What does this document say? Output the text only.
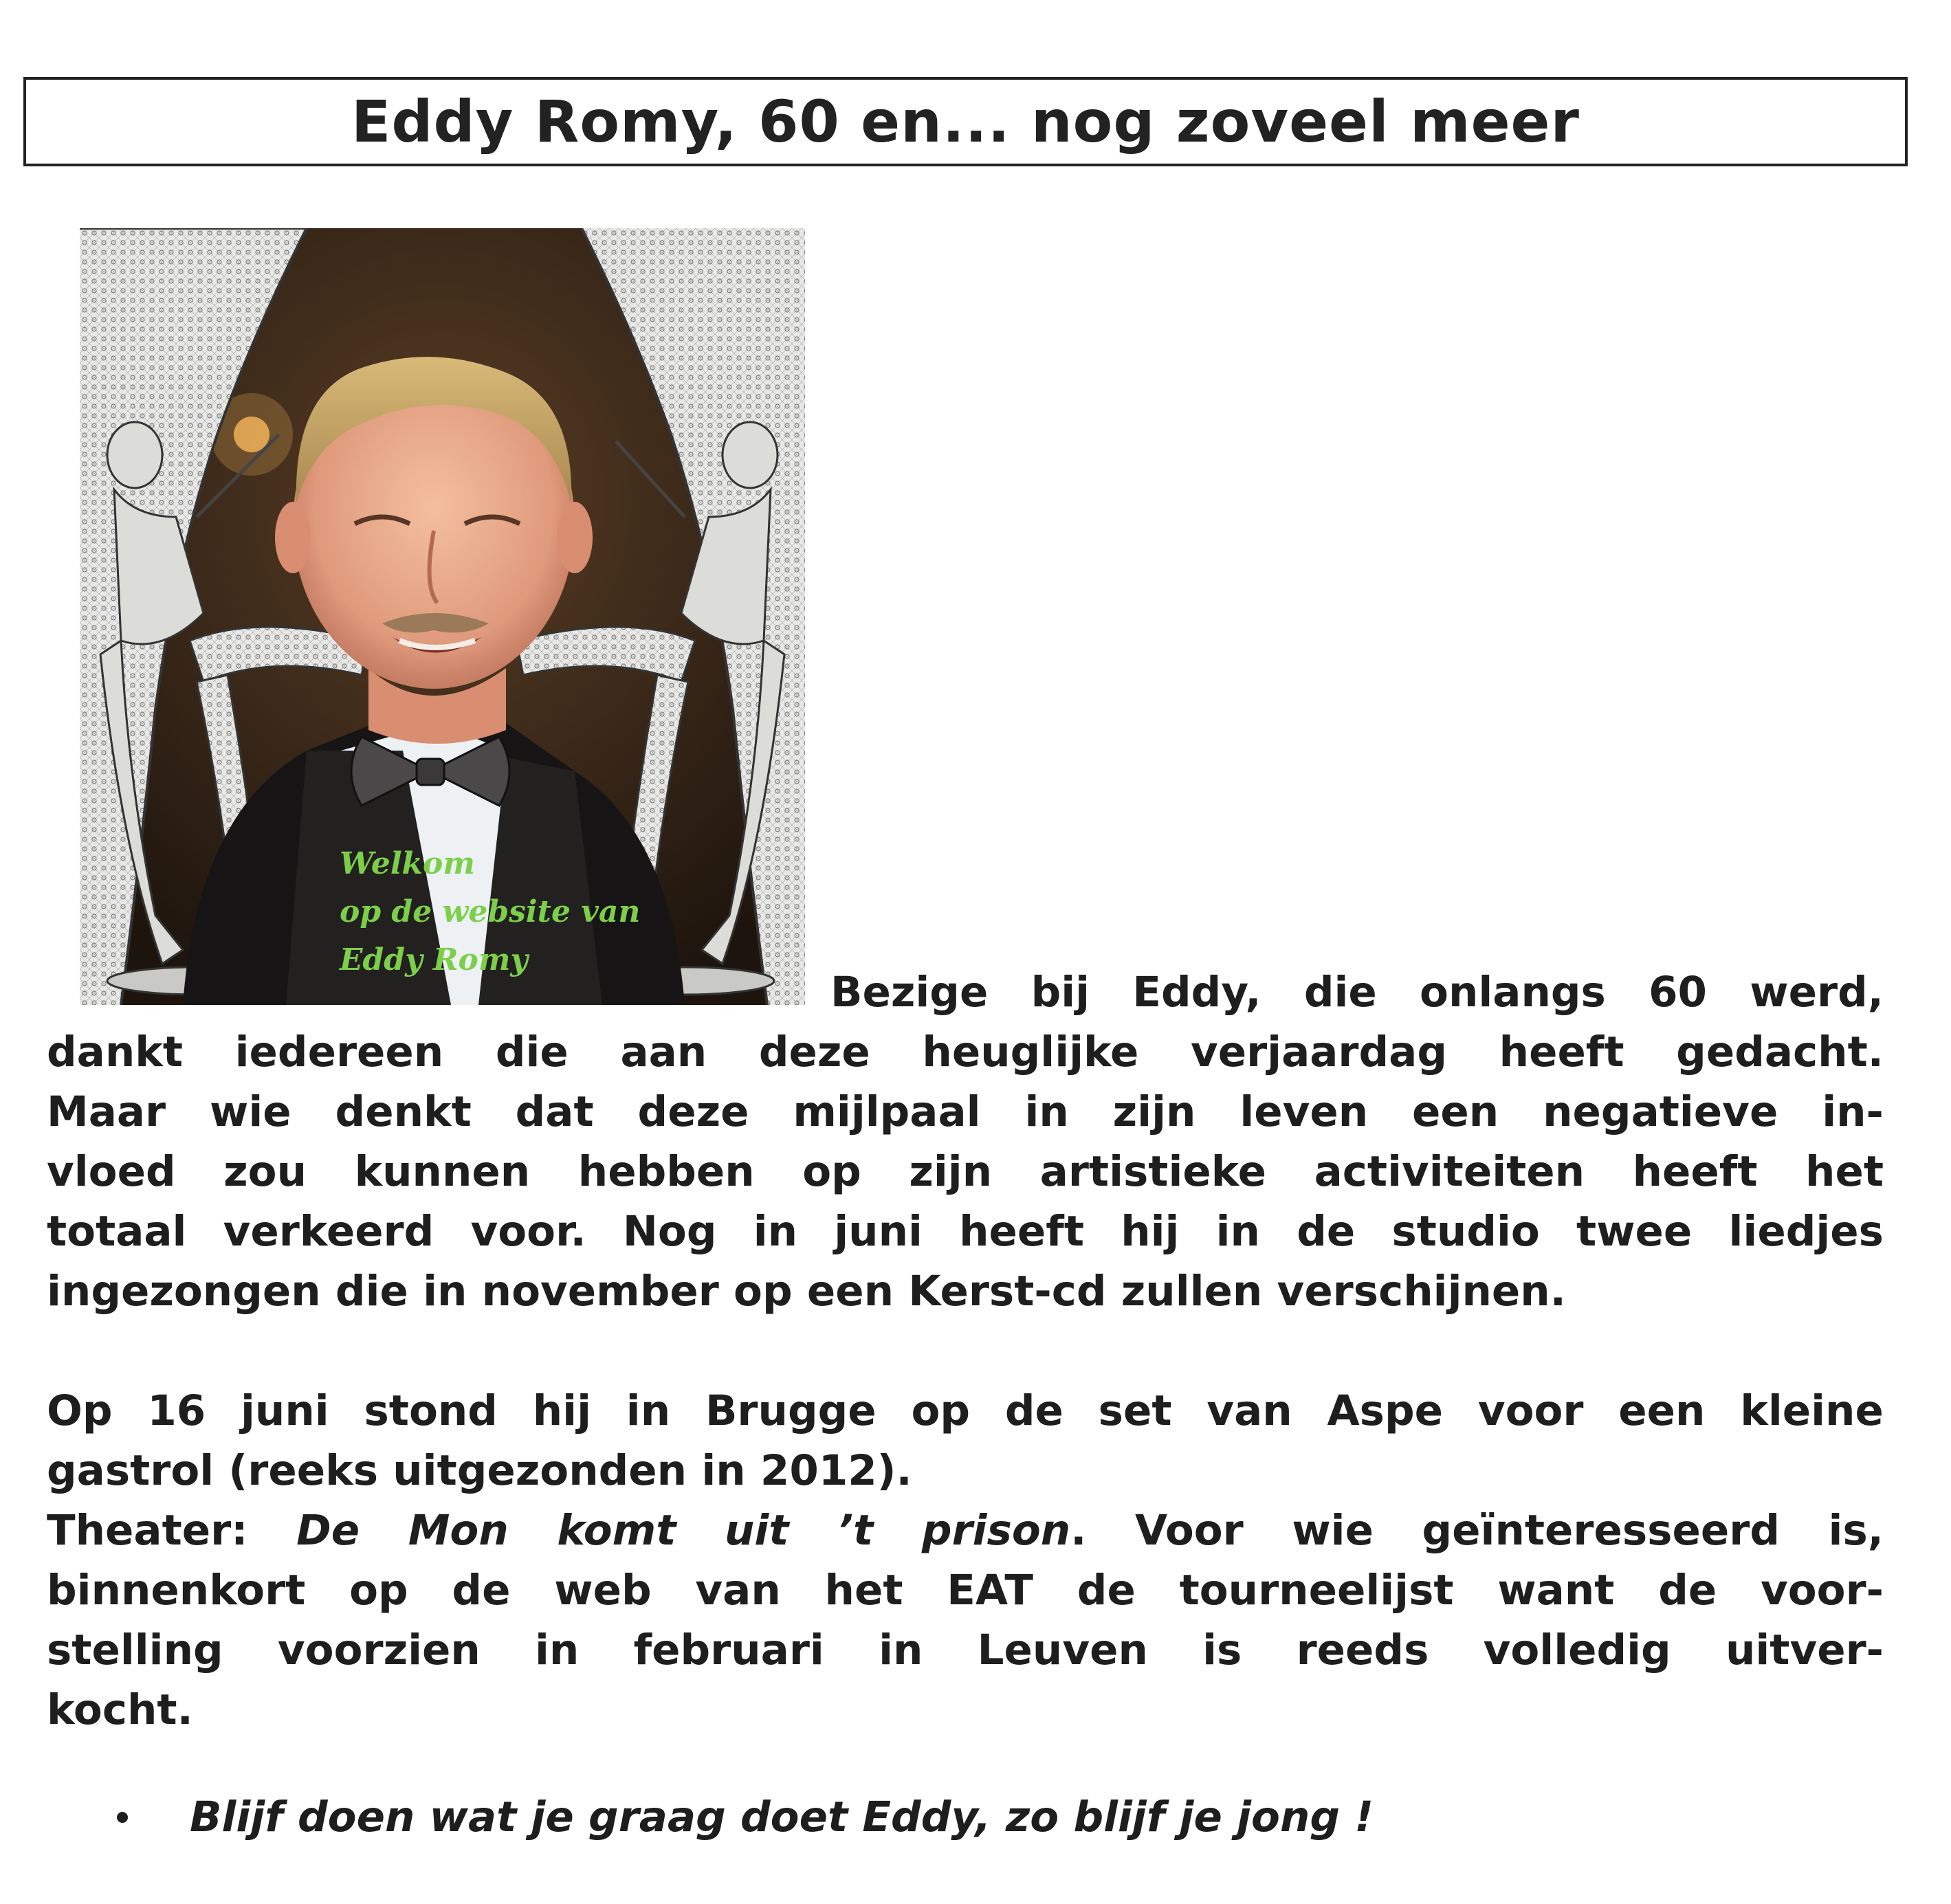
Eddy Romy, 60 en... nog zoveel meer
Welkom
op de website van
Eddy Romy
Bezige bij Eddy, die onlangs 60 werd,
dankt iedereen die aan deze heuglijke verjaardag heeft gedacht.
Maar wie denkt dat deze mijlpaal in zijn leven een negatieve in-
vloed zou kunnen hebben op zijn artistieke activiteiten heeft het
totaal verkeerd voor. Nog in juni heeft hij in de studio twee liedjes
ingezongen die in november op een Kerst-cd zullen verschijnen.
Op 16 juni stond hij in Brugge op de set van Aspe voor een kleine
gastrol (reeks uitgezonden in 2012).
Theater: De Mon komt uit ’t prison. Voor wie geïnteresseerd is,
binnenkort op de web van het EAT de tourneelijst want de voor-
stelling voorzien in februari in Leuven is reeds volledig uitver-
kocht.
Blijf doen wat je graag doet Eddy, zo blijf je jong !
